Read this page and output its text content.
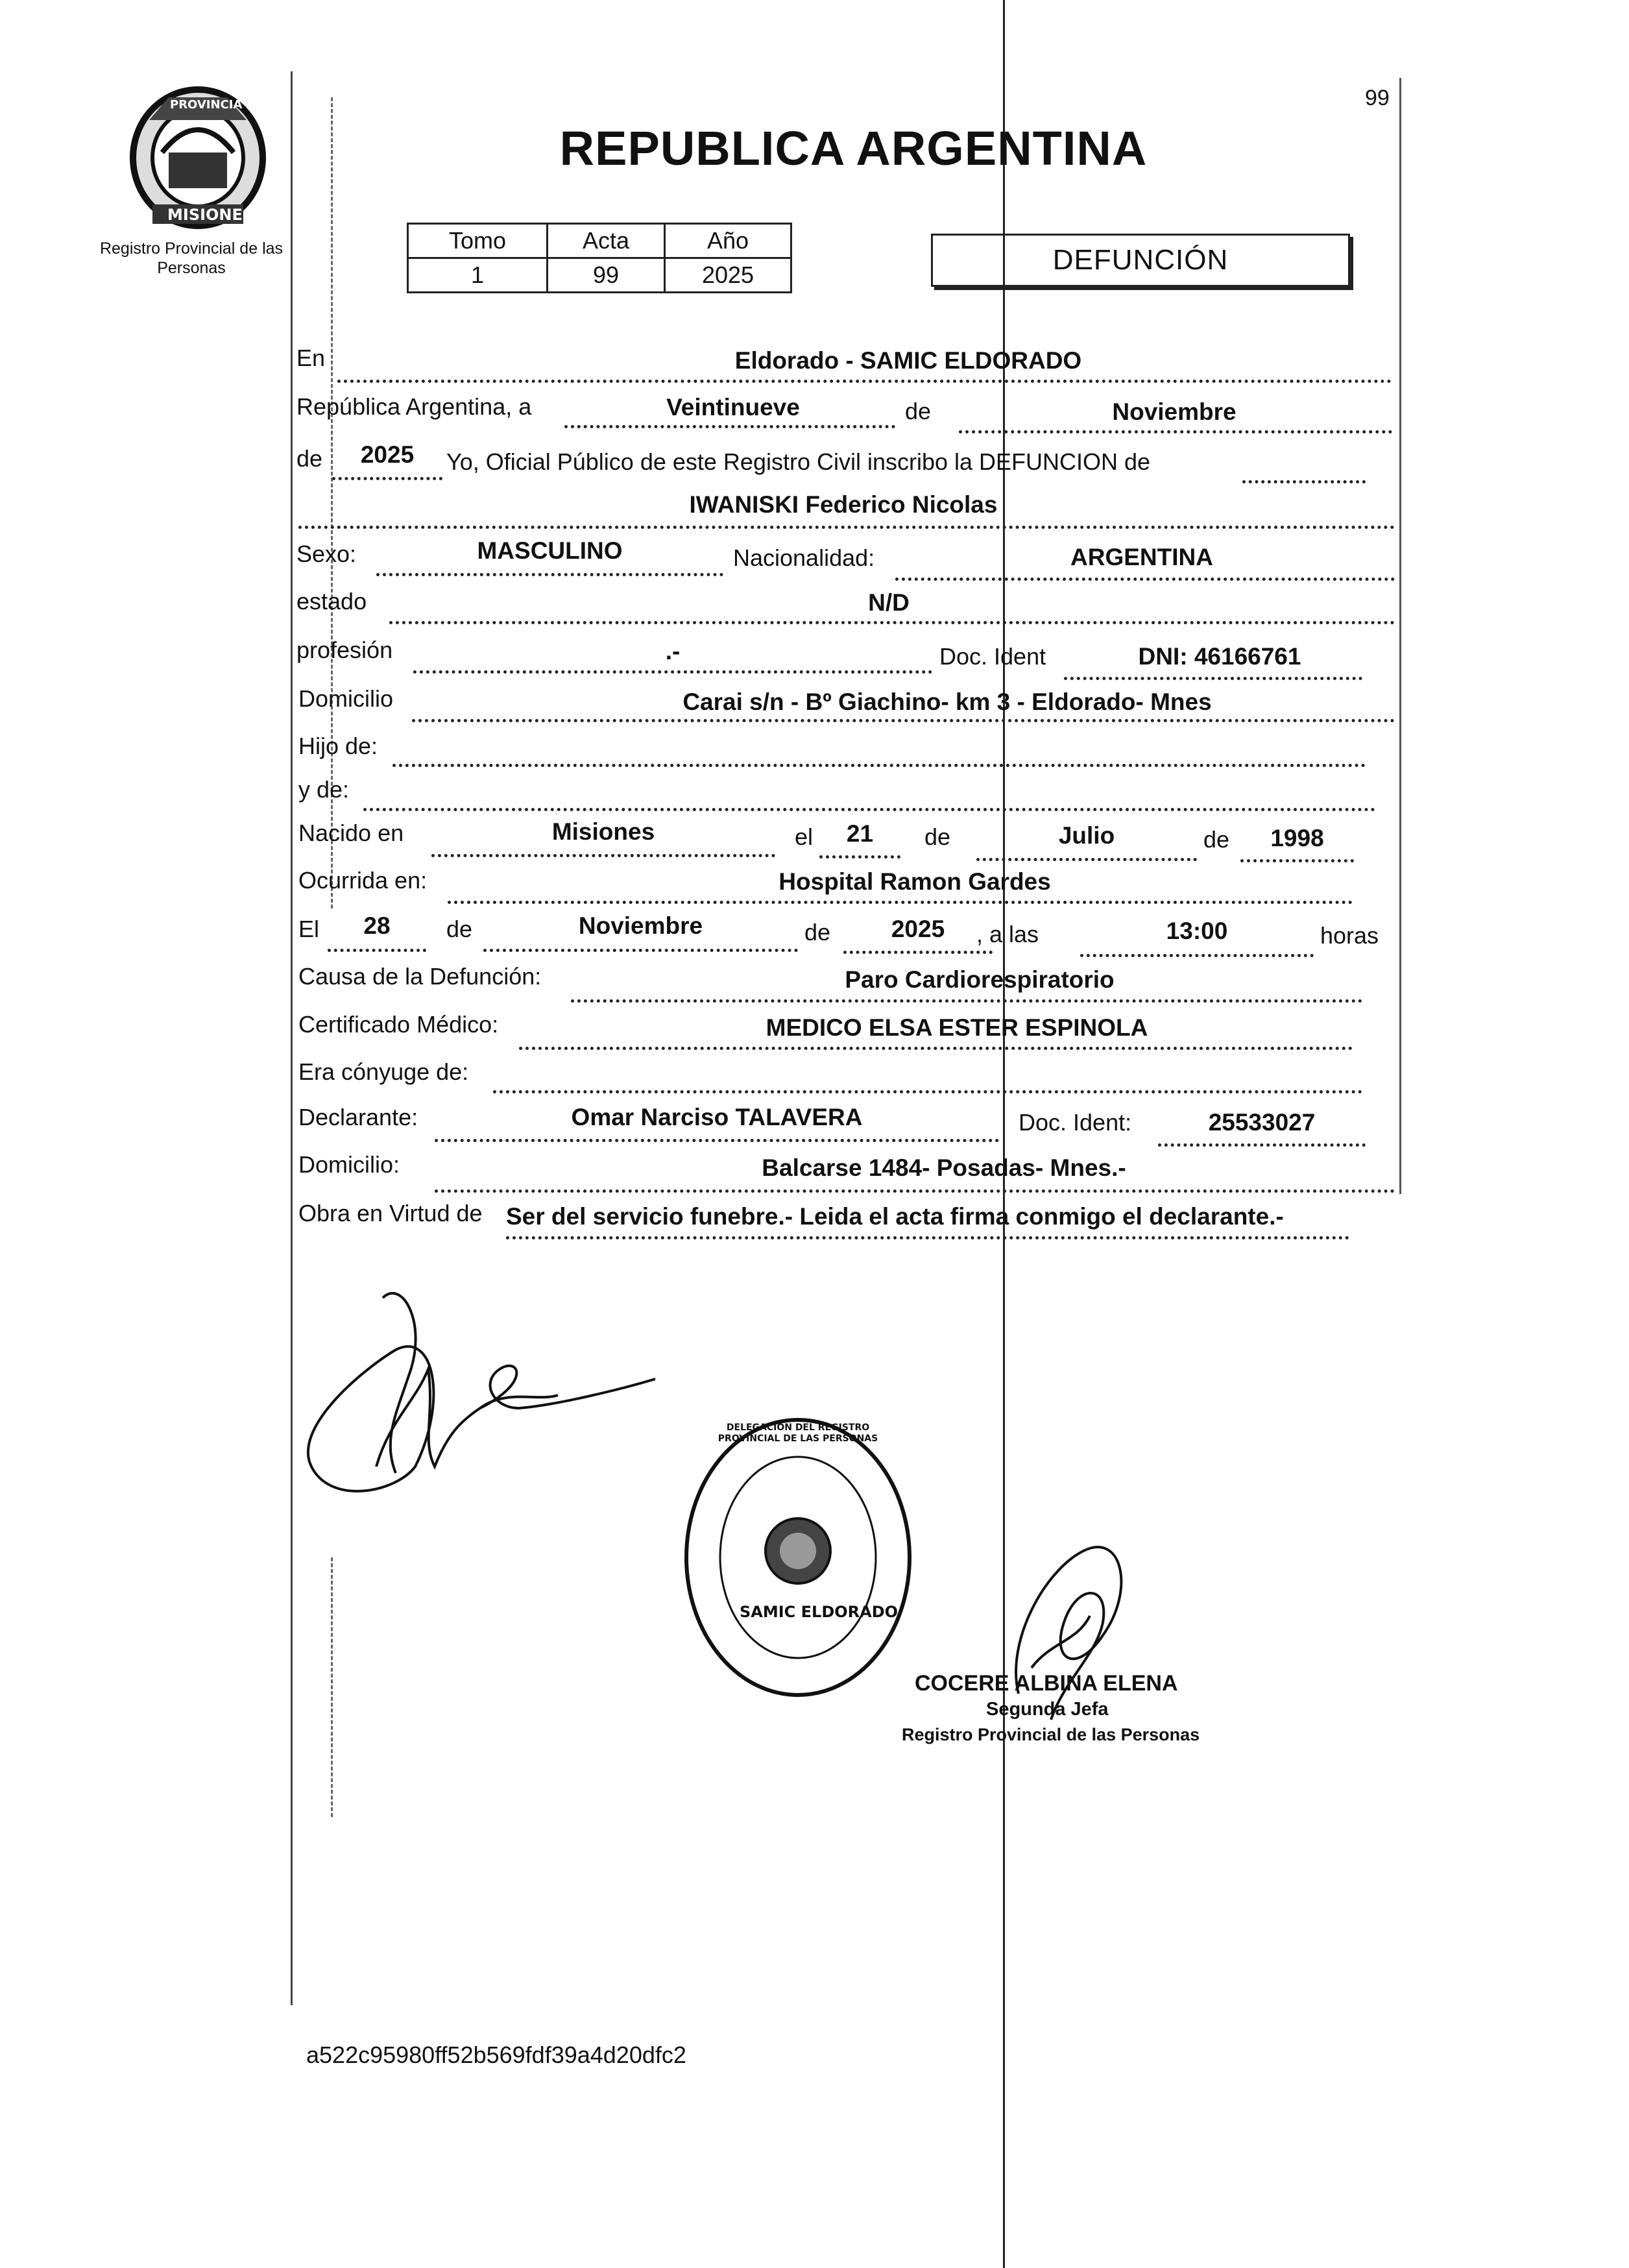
PROVINCIA DE
MISIONES
Registro Provincial de las Personas
99
REPUBLICA ARGENTINA
Tomo	Acta	Año
1	99	2025	DEFUNCIÓN
En	Eldorado - SAMIC ELDORADO
República Argentina, a	Veintinueve	de	Noviembre
de	2025	Yo, Oficial Público de este Registro Civil inscribo la DEFUNCION de
IWANISKI Federico Nicolas
Sexo:	MASCULINO	Nacionalidad:	ARGENTINA
estado	N/D
profesión	.-	Doc. Ident	DNI: 46166761
Domicilio	Carai s/n - Bº Giachino- km 3 - Eldorado- Mnes
Hijo de:
y de:
Nacido en	Misiones	el	21	de	Julio	de	1998
Ocurrida en:	Hospital Ramon Gardes
El	28	de	Noviembre	de	2025	, a las	13:00	horas
Causa de la Defunción:	Paro Cardiorespiratorio
Certificado Médico:	MEDICO ELSA ESTER ESPINOLA
Era cónyuge de:
Declarante:	Omar Narciso TALAVERA	Doc. Ident:	25533027
Domicilio:	Balcarse 1484- Posadas- Mnes.-
Obra en Virtud de Ser del servicio funebre.- Leida el acta firma conmigo el declarante.-
DELEGACION DEL REGISTRO PROVINCIAL DE LAS PERSONAS
SAMIC ELDORADO
COCERE ALBINA ELENA
Segunda Jefa
Registro Provincial de las Personas
a522c95980ff52b569fdf39a4d20dfc2
